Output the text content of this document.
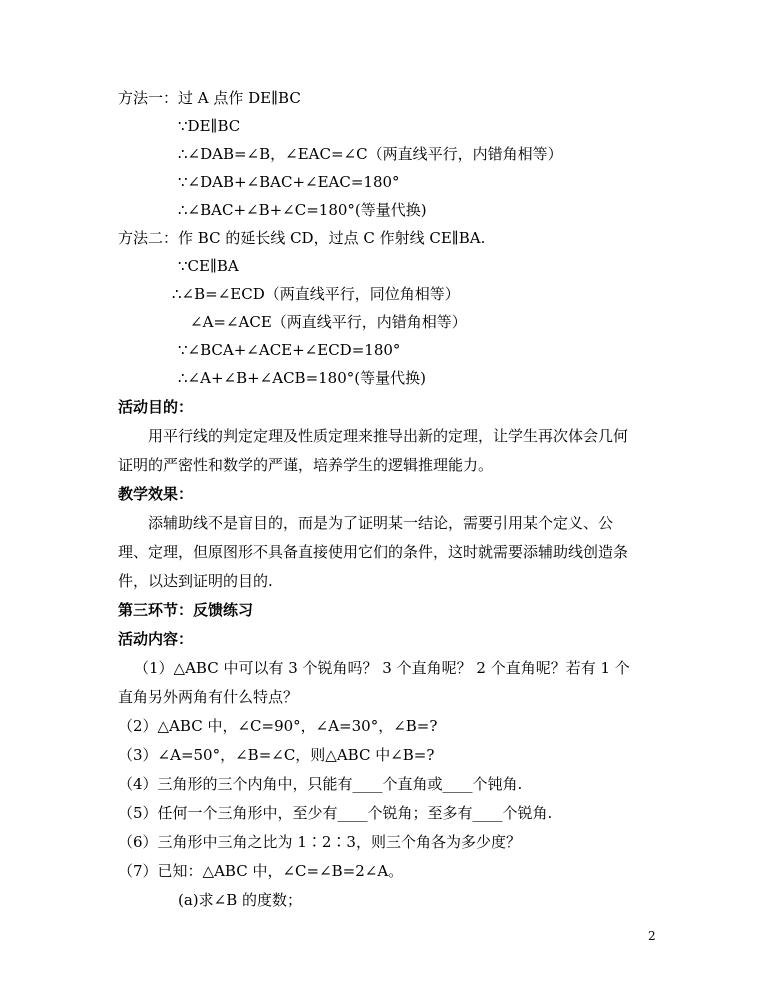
方法一：过 A 点作 DE∥BC
∵DE∥BC
∴∠DAB=∠B，∠EAC=∠C（两直线平行，内错角相等）
∵∠DAB+∠BAC+∠EAC=180°
∴∠BAC+∠B+∠C=180°(等量代换)
方法二：作 BC 的延长线 CD，过点 C 作射线 CE∥BA.
∵CE∥BA
∴∠B=∠ECD（两直线平行，同位角相等）
∠A=∠ACE（两直线平行，内错角相等）
∵∠BCA+∠ACE+∠ECD=180°
∴∠A+∠B+∠ACB=180°(等量代换)
活动目的：
用平行线的判定定理及性质定理来推导出新的定理，让学生再次体会几何
证明的严密性和数学的严谨，培养学生的逻辑推理能力。
教学效果：
添辅助线不是盲目的，而是为了证明某一结论，需要引用某个定义、公
理、定理，但原图形不具备直接使用它们的条件，这时就需要添辅助线创造条
件，以达到证明的目的.
第三环节：反馈练习
活动内容：
（1）△ABC 中可以有 3 个锐角吗？ 3 个直角呢？ 2 个直角呢？若有 1 个
直角另外两角有什么特点？
（2）△ABC 中，∠C=90°，∠A=30°，∠B=?
（3）∠A=50°，∠B=∠C，则△ABC 中∠B=?
（4）三角形的三个内角中，只能有____个直角或____个钝角.
（5）任何一个三角形中，至少有____个锐角；至多有____个锐角.
（6）三角形中三角之比为 1∶2∶3，则三个角各为多少度？
（7）已知：△ABC 中，∠C=∠B=2∠A。
(a)求∠B 的度数；
2
